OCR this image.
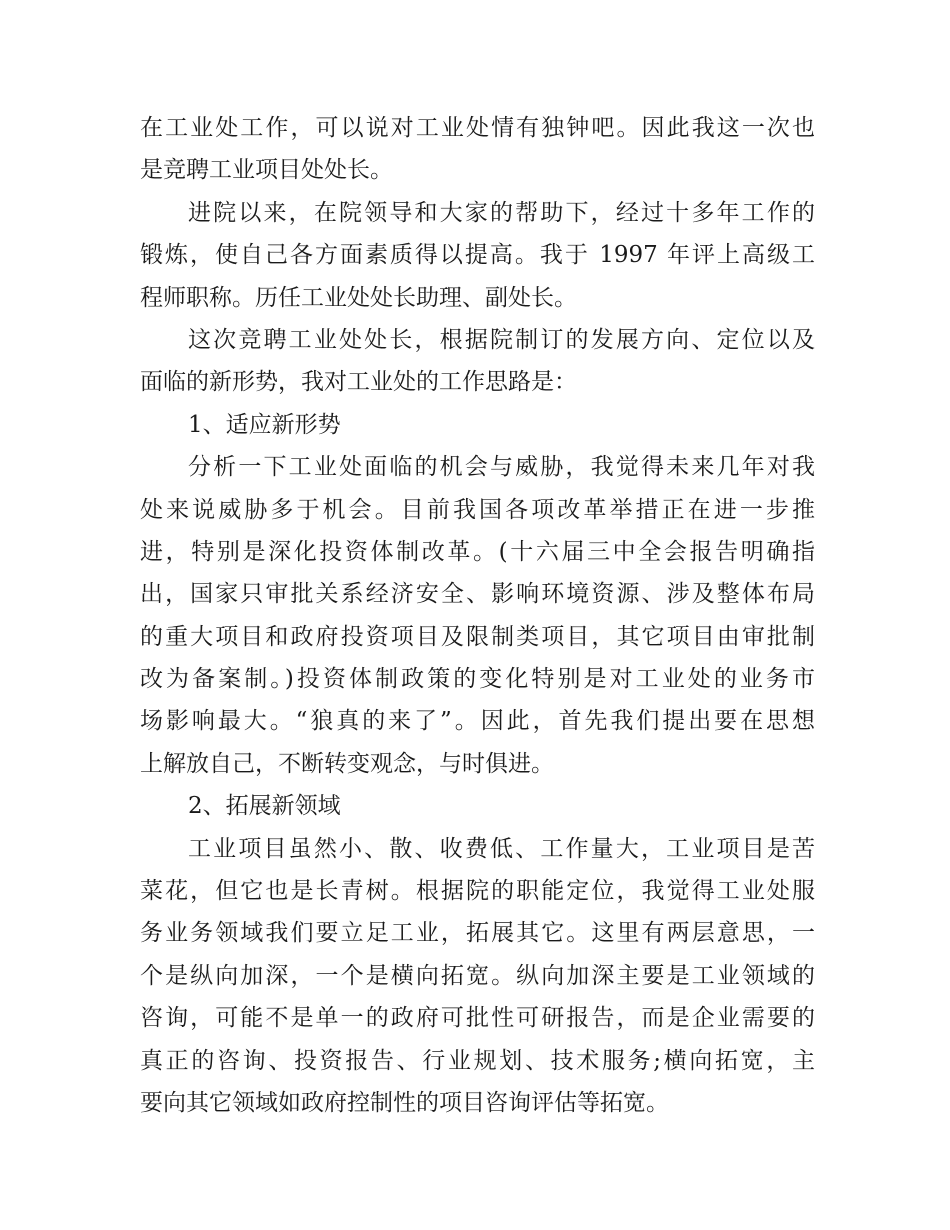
在工业处工作，可以说对工业处情有独钟吧。因此我这一次也
是竞聘工业项目处处长。
进院以来，在院领导和大家的帮助下，经过十多年工作的
锻炼，使自己各方面素质得以提高。我于 1997 年评上高级工
程师职称。历任工业处处长助理、副处长。
这次竞聘工业处处长，根据院制订的发展方向、定位以及
面临的新形势，我对工业处的工作思路是：
1、适应新形势
分析一下工业处面临的机会与威胁，我觉得未来几年对我
处来说威胁多于机会。目前我国各项改革举措正在进一步推
进，特别是深化投资体制改革。(十六届三中全会报告明确指
出，国家只审批关系经济安全、影响环境资源、涉及整体布局
的重大项目和政府投资项目及限制类项目，其它项目由审批制
改为备案制。)投资体制政策的变化特别是对工业处的业务市
场影响最大。“狼真的来了”。因此，首先我们提出要在思想
上解放自己，不断转变观念，与时俱进。
2、拓展新领域
工业项目虽然小、散、收费低、工作量大，工业项目是苦
菜花，但它也是长青树。根据院的职能定位，我觉得工业处服
务业务领域我们要立足工业，拓展其它。这里有两层意思，一
个是纵向加深，一个是横向拓宽。纵向加深主要是工业领域的
咨询，可能不是单一的政府可批性可研报告，而是企业需要的
真正的咨询、投资报告、行业规划、技术服务;横向拓宽，主
要向其它领域如政府控制性的项目咨询评估等拓宽。
